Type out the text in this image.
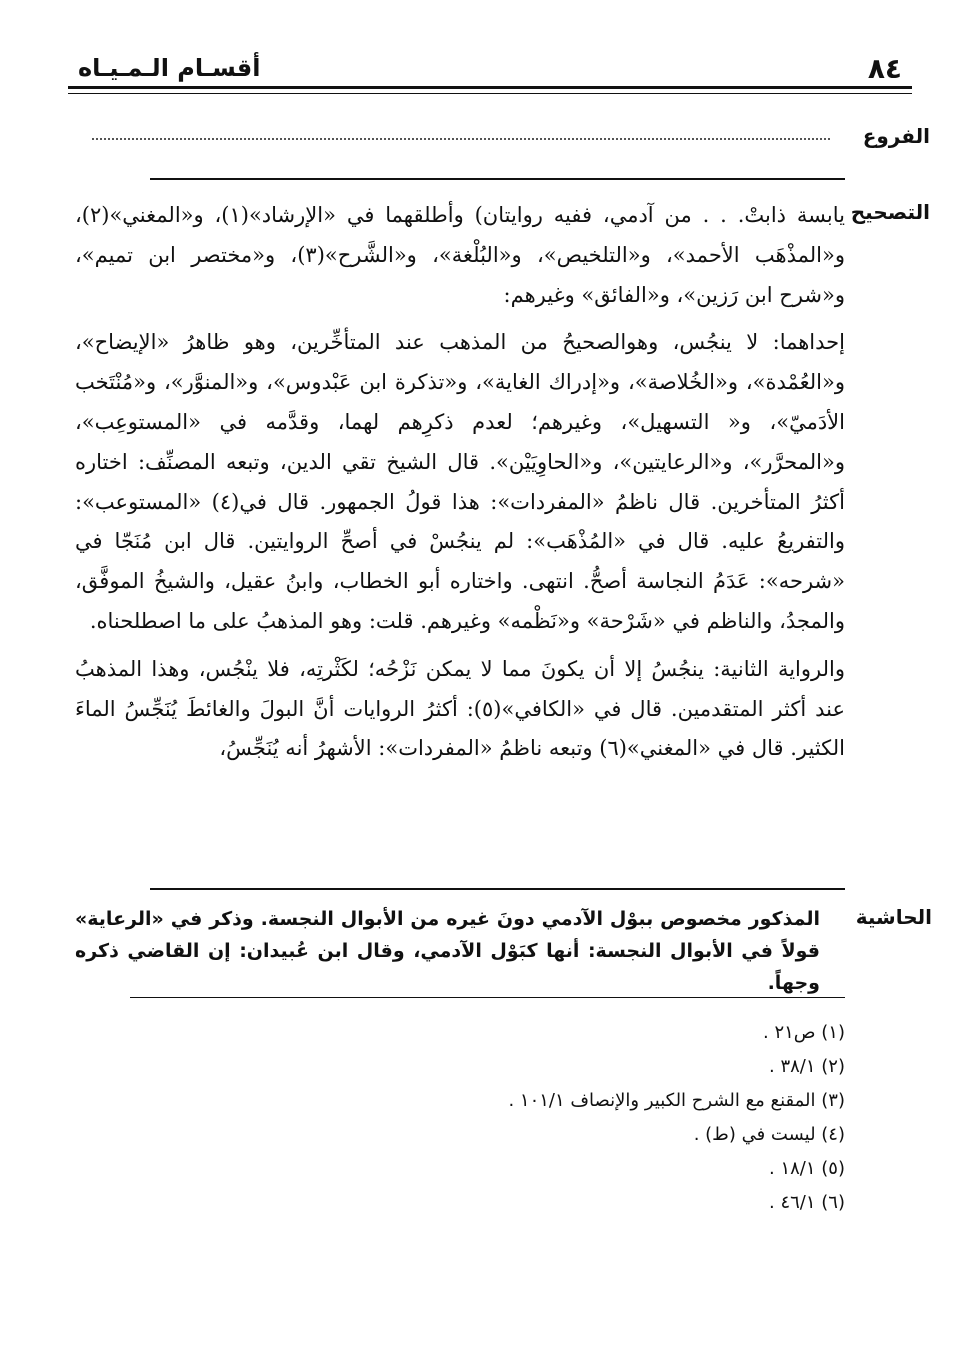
٨٤
أقسـام الـمـيـاه
الفروع
التصحيح

يابسة ذابتْ. . . من آدمي، ففيه روايتان) وأطلقهما في «الإرشاد»(١)، و«المغني»(٢)، و«المذْهَب الأحمد»، و«التلخيص»، و«البُلْغة»، و«الشَّرح»(٣)، و«مختصر ابن تميم»، و«شرح ابن رَزين»، و«الفائق» وغيرهم:

إحداهما: لا ينجُس، وهوالصحيحُ من المذهب عند المتأخِّرين، وهو ظاهرُ «الإيضاح»، و«العُمْدة»، و«الخُلاصة»، و«إدراك الغاية»، و«تذكرة ابن عَبْدوس»، و«المنوَّر»، و«مُنْتَخب الأدَميّ»، و« التسهيل»، وغيرهم؛ لعدم ذكرِهم لهما، وقدَّمه في «المستوعِب»، و«المحرَّر»، و«الرعايتين»، و«الحاوِيَيْن». قال الشيخ تقي الدين، وتبعه المصنِّف: اختاره أكثرُ المتأخرين. قال ناظمُ «المفردات»: هذا قولُ الجمهور. قال في(٤) «المستوعب»: والتفريعُ عليه. قال في «المُذْهَب»: لم ينجُسْ في أصحِّ الروايتين. قال ابن مُنَجّا في «شرحه»: عَدَمُ النجاسة أصحُّ. انتهى. واختاره أبو الخطاب، وابنُ عقيل، والشيخُ الموفَّق، والمجدُ، والناظم في «شَرْحة» و«نَظْمه» وغيرهم. قلت: وهو المذهبُ على ما اصطلحناه.

والرواية الثانية: ينجُسُ إلا أن يكونَ مما لا يمكن نَزْحُه؛ لكَثْرتِه، فلا ينْجُس، وهذا المذهبُ عند أكثر المتقدمين. قال في «الكافي»(٥): أكثرُ الروايات أنَّ البولَ والغائطَ يُنَجِّسُ الماءَ الكثير. قال في «المغني»(٦) وتبعه ناظمُ «المفردات»: الأشهرُ أنه يُنَجِّسُ،

الحاشية

المذكور مخصوص ببوْل الآدمي دونَ غيره من الأبوال النجسة. وذكر في «الرعاية» قولاً في الأبوال النجسة: أنها كبَوْل الآدمي، وقال ابن عُبيدان: إن القاضي ذكره وجهاً.

(١) ص٢١ .
(٢) ٣٨/١ .
(٣) المقنع مع الشرح الكبير والإنصاف ١٠١/١ .
(٤) ليست في (ط) .
(٥) ١٨/١ .
(٦) ٤٦/١ .
